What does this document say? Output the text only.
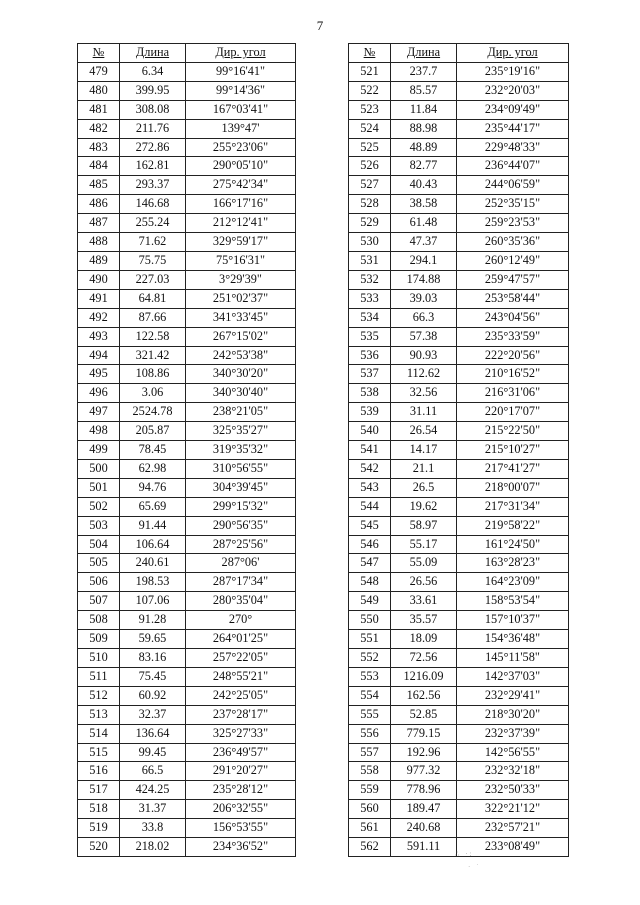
7
№	Длина	Дир. угол
479	6.34	99°16'41"
480	399.95	99°14'36"
481	308.08	167°03'41"
482	211.76	139°47'
483	272.86	255°23'06"
484	162.81	290°05'10"
485	293.37	275°42'34"
486	146.68	166°17'16"
487	255.24	212°12'41"
488	71.62	329°59'17"
489	75.75	75°16'31"
490	227.03	3°29'39"
491	64.81	251°02'37"
492	87.66	341°33'45"
493	122.58	267°15'02"
494	321.42	242°53'38"
495	108.86	340°30'20"
496	3.06	340°30'40"
497	2524.78	238°21'05"
498	205.87	325°35'27"
499	78.45	319°35'32"
500	62.98	310°56'55"
501	94.76	304°39'45"
502	65.69	299°15'32"
503	91.44	290°56'35"
504	106.64	287°25'56"
505	240.61	287°06'
506	198.53	287°17'34"
507	107.06	280°35'04"
508	91.28	270°
509	59.65	264°01'25"
510	83.16	257°22'05"
511	75.45	248°55'21"
512	60.92	242°25'05"
513	32.37	237°28'17"
514	136.64	325°27'33"
515	99.45	236°49'57"
516	66.5	291°20'27"
517	424.25	235°28'12"
518	31.37	206°32'55"
519	33.8	156°53'55"
520	218.02	234°36'52"
№	Длина	Дир. угол
521	237.7	235°19'16"
522	85.57	232°20'03"
523	11.84	234°09'49"
524	88.98	235°44'17"
525	48.89	229°48'33"
526	82.77	236°44'07"
527	40.43	244°06'59"
528	38.58	252°35'15"
529	61.48	259°23'53"
530	47.37	260°35'36"
531	294.1	260°12'49"
532	174.88	259°47'57"
533	39.03	253°58'44"
534	66.3	243°04'56"
535	57.38	235°33'59"
536	90.93	222°20'56"
537	112.62	210°16'52"
538	32.56	216°31'06"
539	31.11	220°17'07"
540	26.54	215°22'50"
541	14.17	215°10'27"
542	21.1	217°41'27"
543	26.5	218°00'07"
544	19.62	217°31'34"
545	58.97	219°58'22"
546	55.17	161°24'50"
547	55.09	163°28'23"
548	26.56	164°23'09"
549	33.61	158°53'54"
550	35.57	157°10'37"
551	18.09	154°36'48"
552	72.56	145°11'58"
553	1216.09	142°37'03"
554	162.56	232°29'41"
555	52.85	218°30'20"
556	779.15	232°37'39"
557	192.96	142°56'55"
558	977.32	232°32'18"
559	778.96	232°50'33"
560	189.47	322°21'12"
561	240.68	232°57'21"
562	591.11	233°08'49"
∴ ·:
· ˙
